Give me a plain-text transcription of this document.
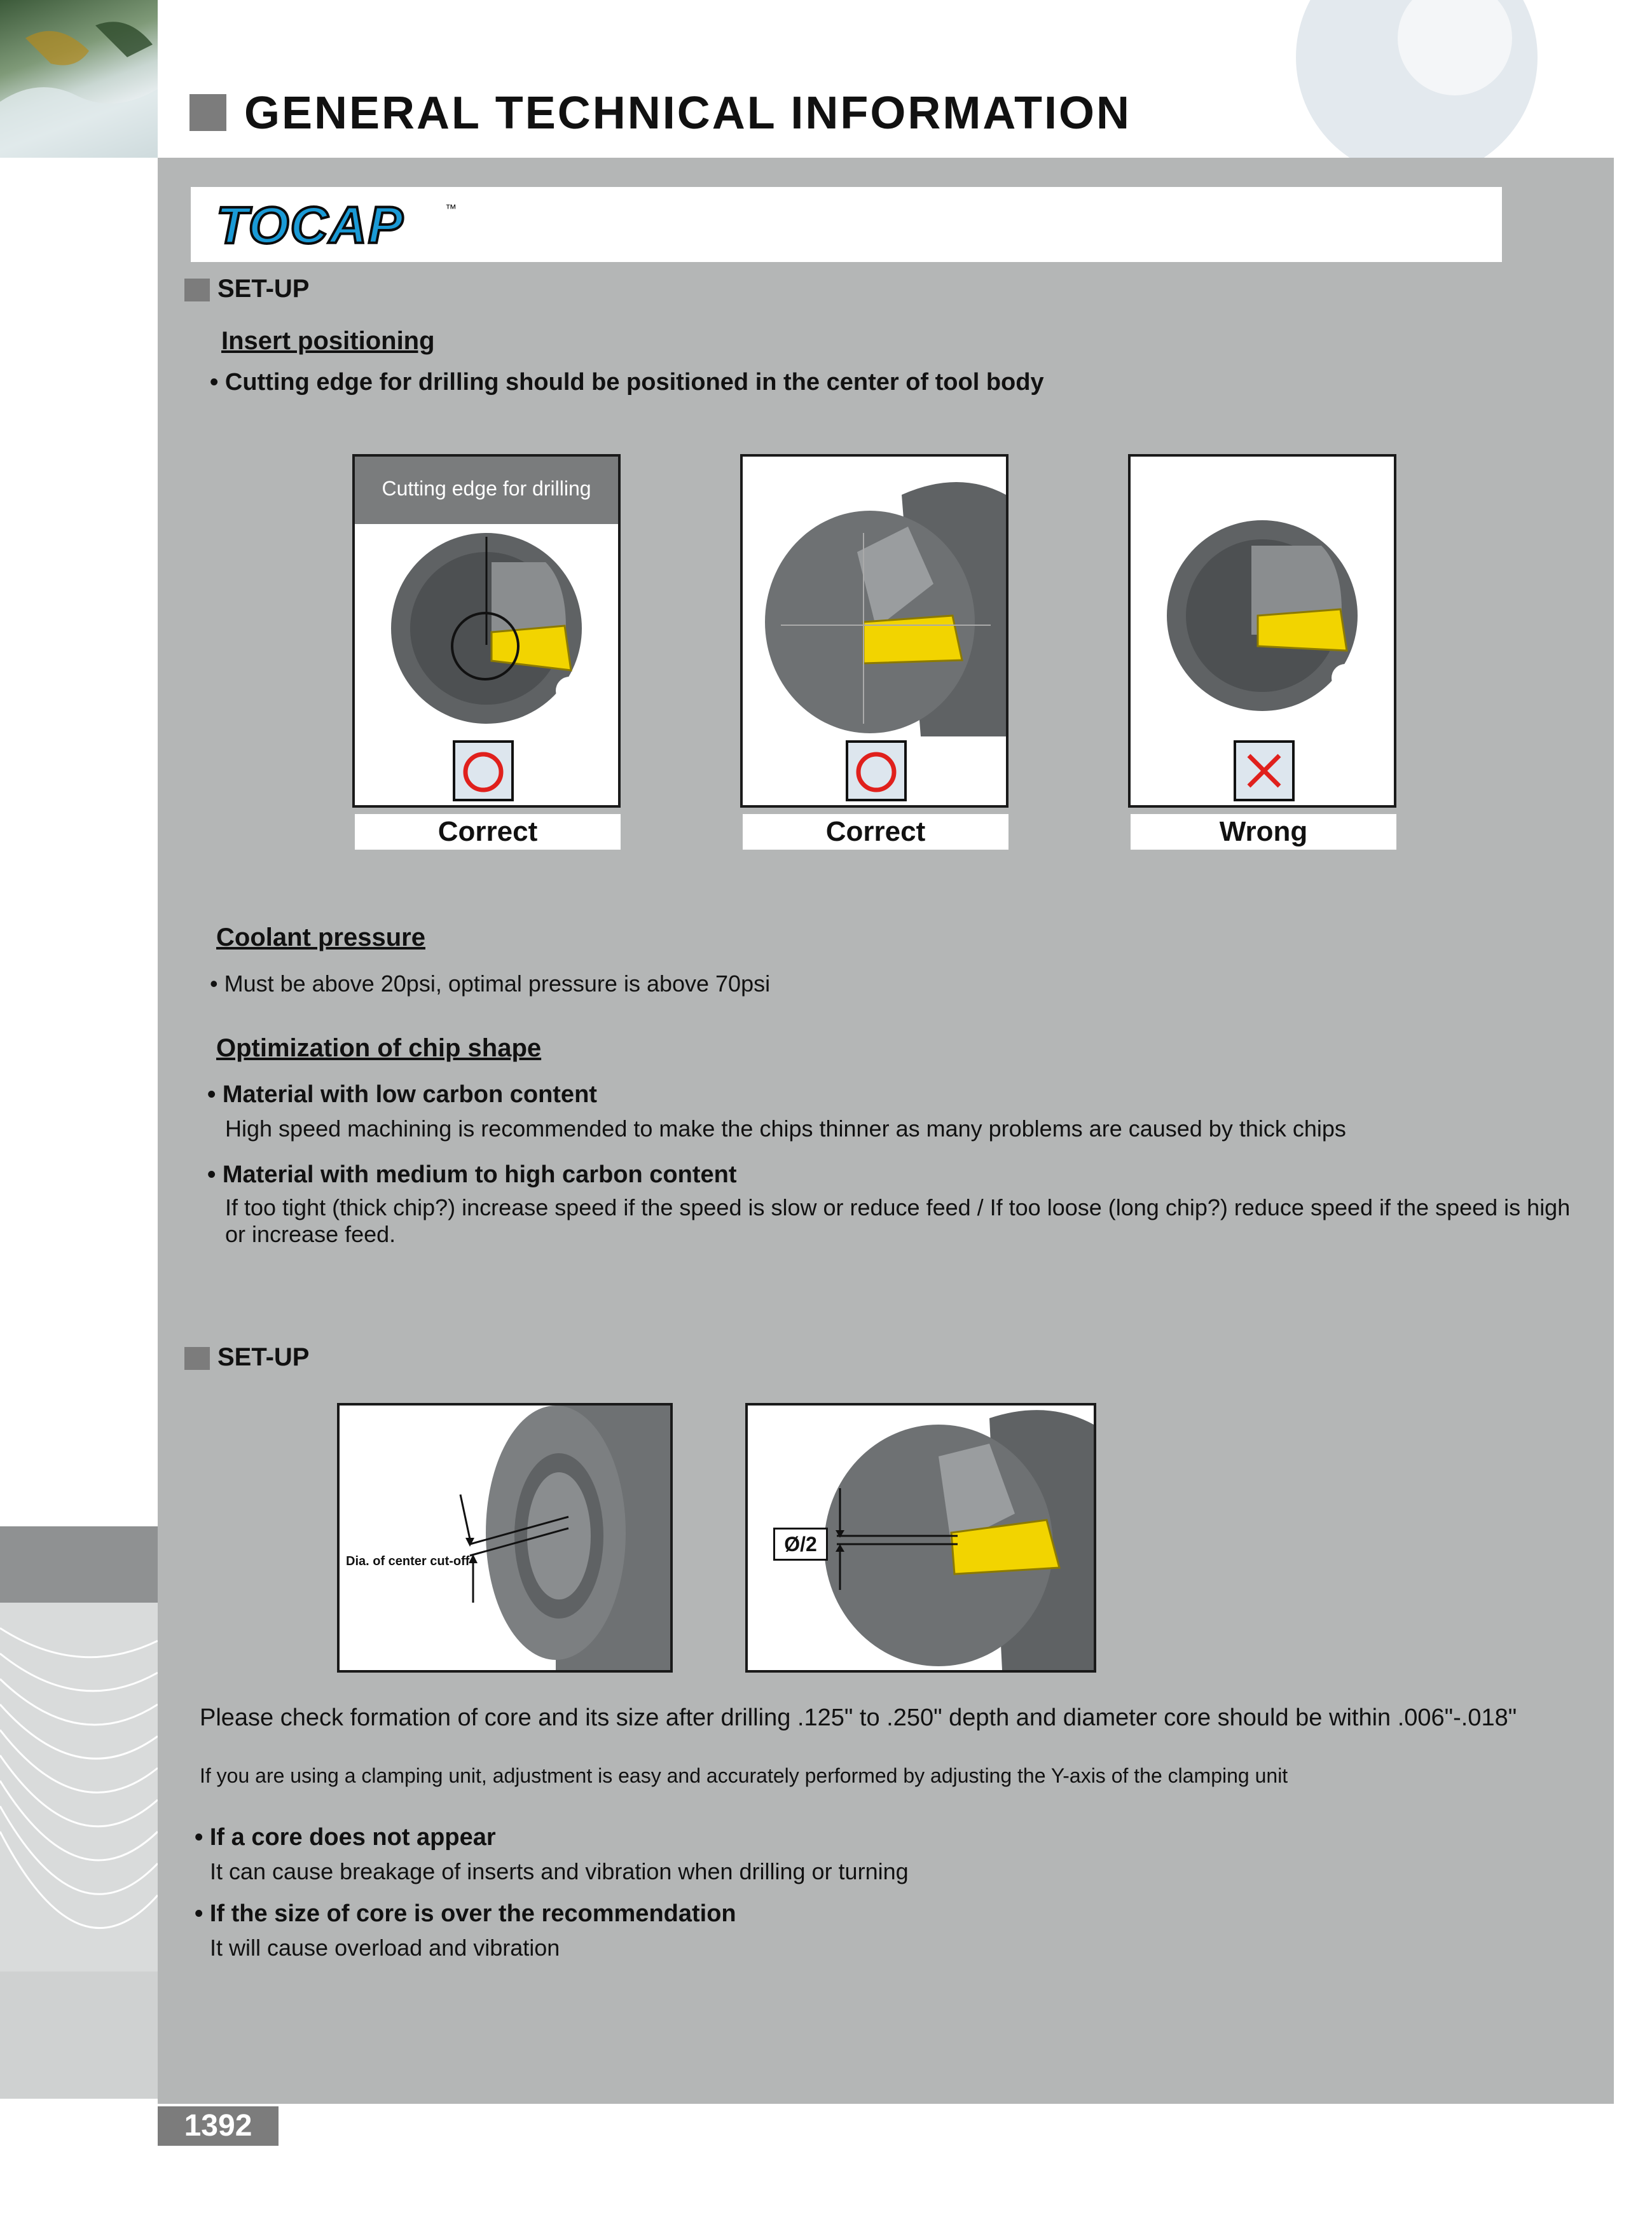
GENERAL TECHNICAL INFORMATION
TOCAP	™
SET-UP
Insert positioning
• Cutting edge for drilling should be positioned in the center of tool body
Cutting edge for drilling
Correct	Correct	Wrong
Coolant pressure
• Must be above 20psi, optimal pressure is above 70psi
Optimization of chip shape
• Material with low carbon content
High speed machining is recommended to make the chips thinner as many problems are caused by thick chips
• Material with medium to high carbon content
If too tight (thick chip?) increase speed if the speed is slow or reduce feed / If too loose (long chip?) reduce speed if the speed is high or increase feed.
SET-UP
Dia. of center cut-off
Ø/2
Please check formation of core and its size after drilling .125" to .250" depth and diameter core should be within .006"-.018"
If you are using a clamping unit, adjustment is easy and accurately performed by adjusting the Y-axis of the clamping unit
• If a core does not appear
It can cause breakage of inserts and vibration when drilling or turning
• If the size of core is over the recommendation
It will cause overload and vibration
1392
